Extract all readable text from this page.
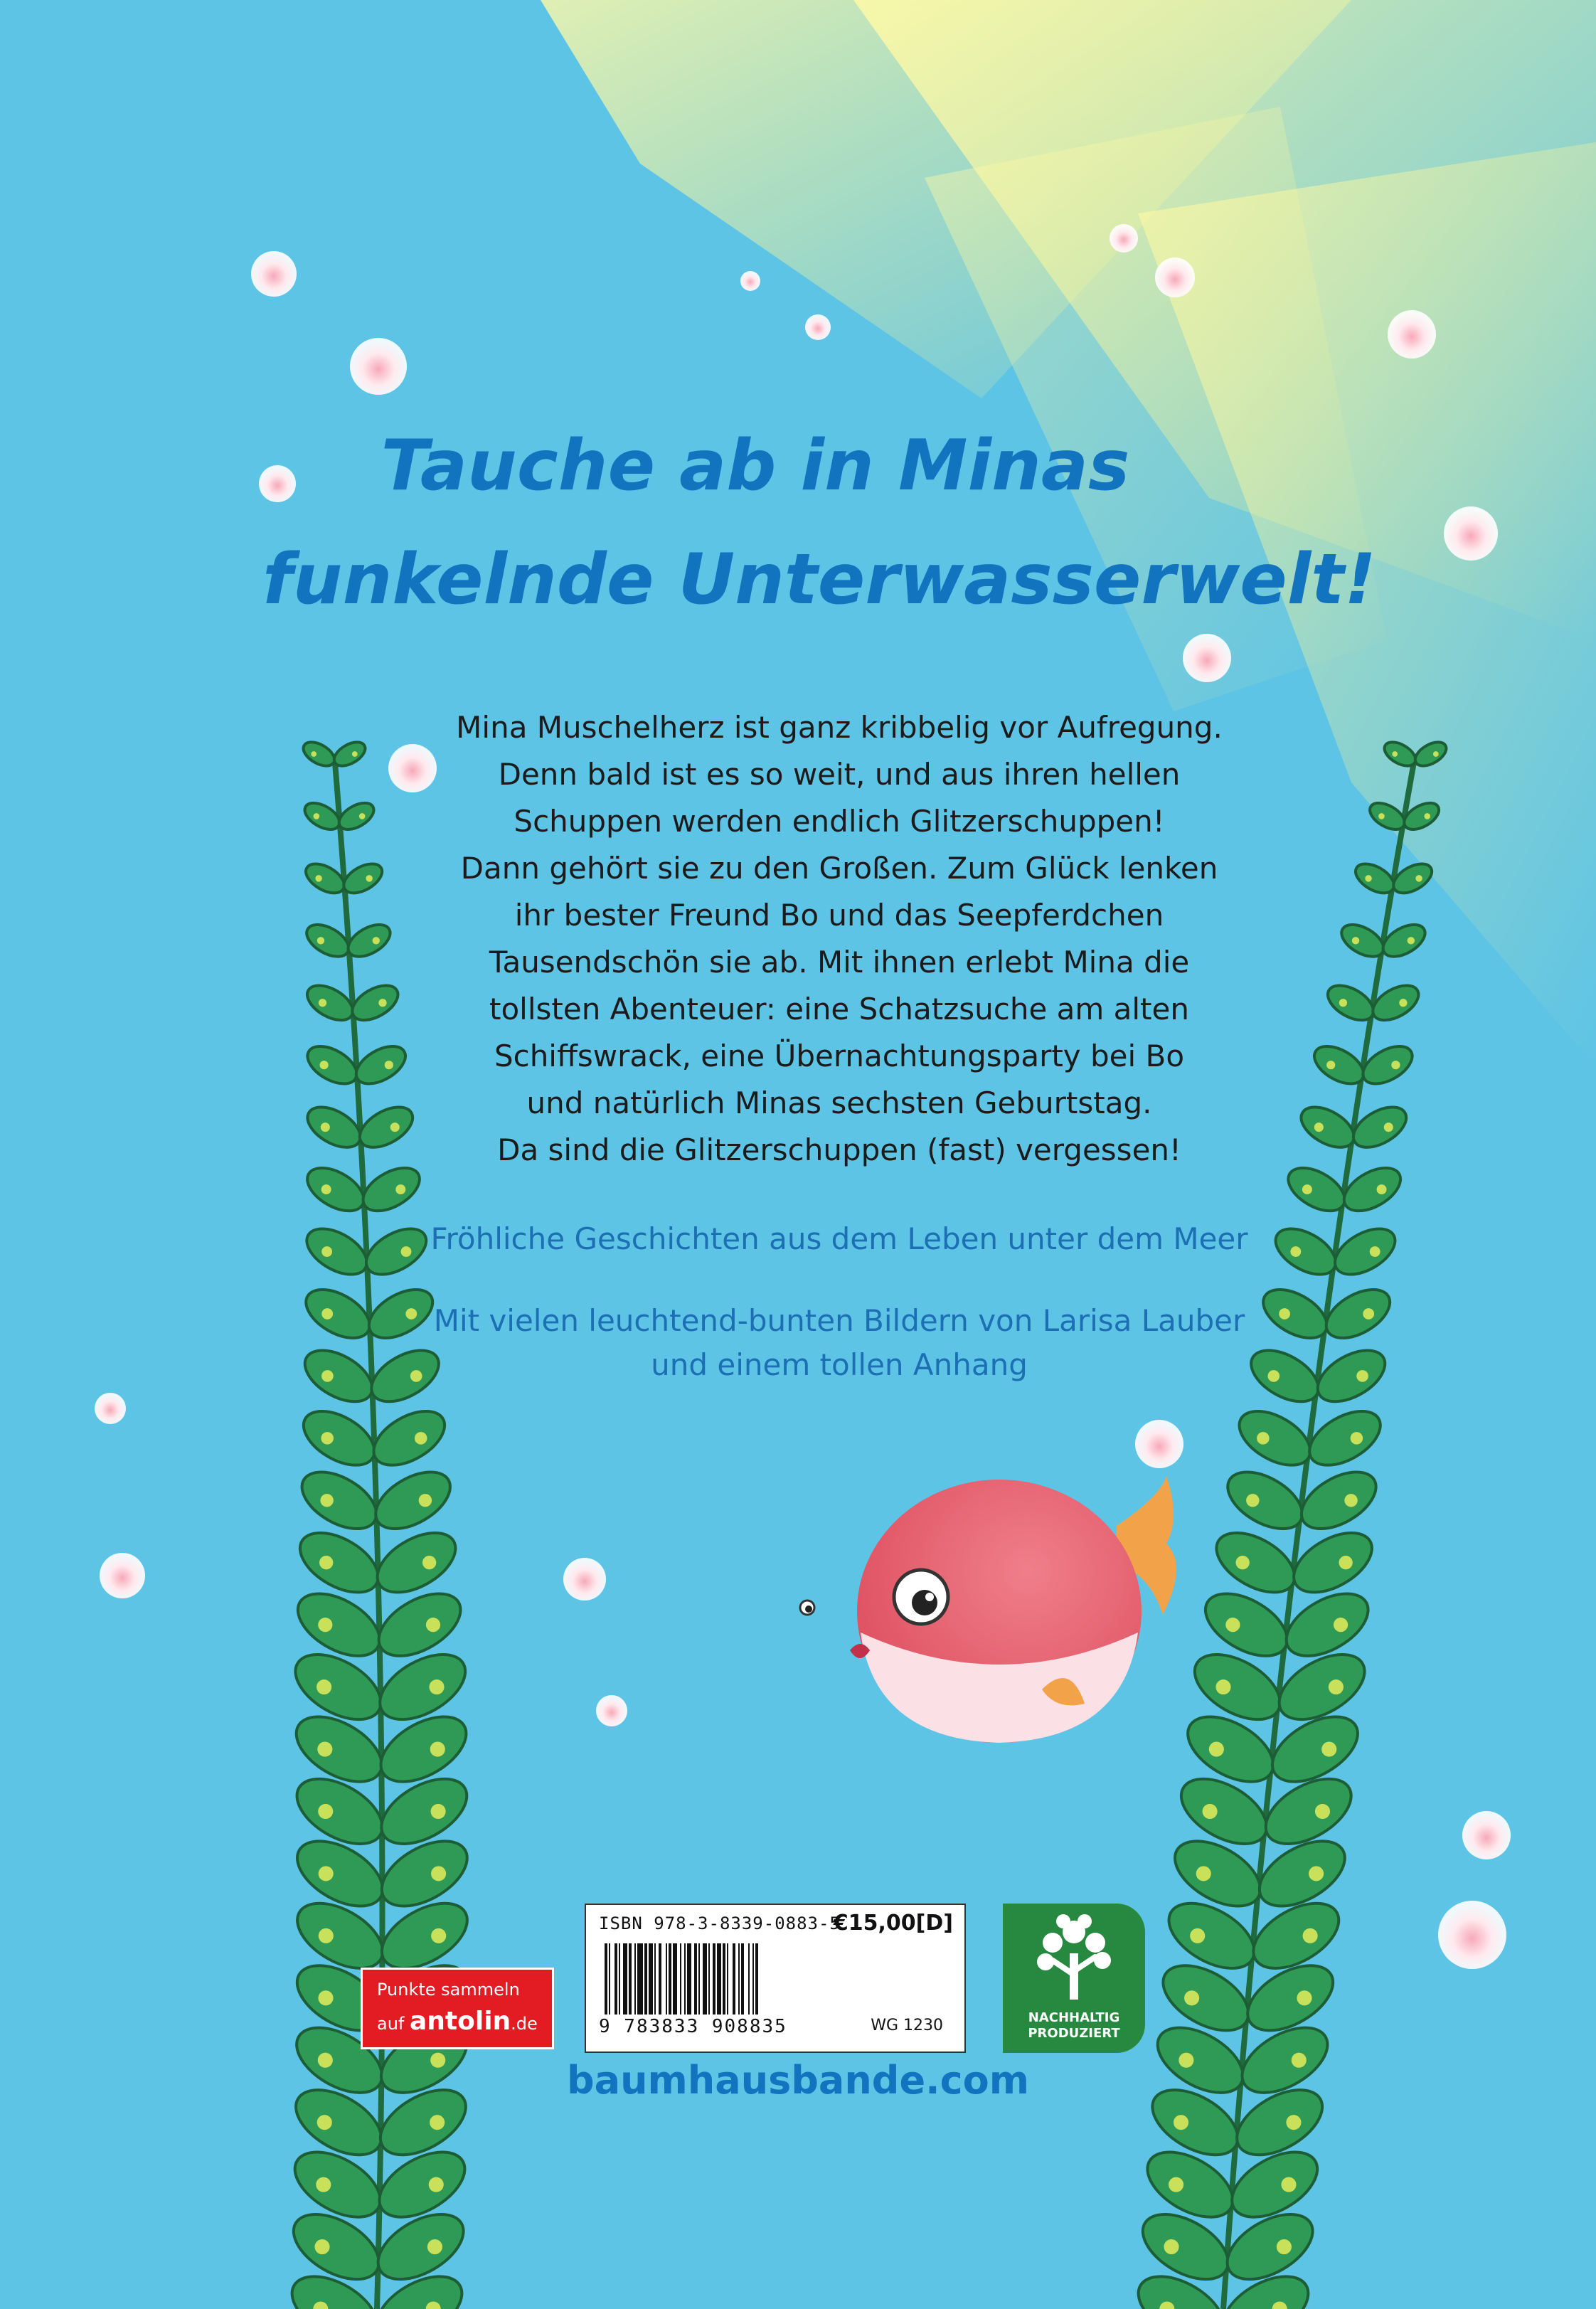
Tauche ab in Minas
funkelnde Unterwasserwelt!
Mina Muschelherz ist ganz kribbelig vor Aufregung.
Denn bald ist es so weit, und aus ihren hellen
Schuppen werden endlich Glitzerschuppen!
Dann gehört sie zu den Großen. Zum Glück lenken
ihr bester Freund Bo und das Seepferdchen
Tausendschön sie ab. Mit ihnen erlebt Mina die
tollsten Abenteuer: eine Schatzsuche am alten
Schiffswrack, eine Übernachtungsparty bei Bo
und natürlich Minas sechsten Geburtstag.
Da sind die Glitzerschuppen (fast) vergessen!
Fröhliche Geschichten aus dem Leben unter dem Meer
Mit vielen leuchtend-bunten Bildern von Larisa Lauber
und einem tollen Anhang
ISBN 978-3-8339-0883-5
€15,00[D]
9 783833 908835	WG 1230	NACHHALTIG
PRODUZIERT
Punkte sammeln
auf antolin.de
baumhausbande.com
